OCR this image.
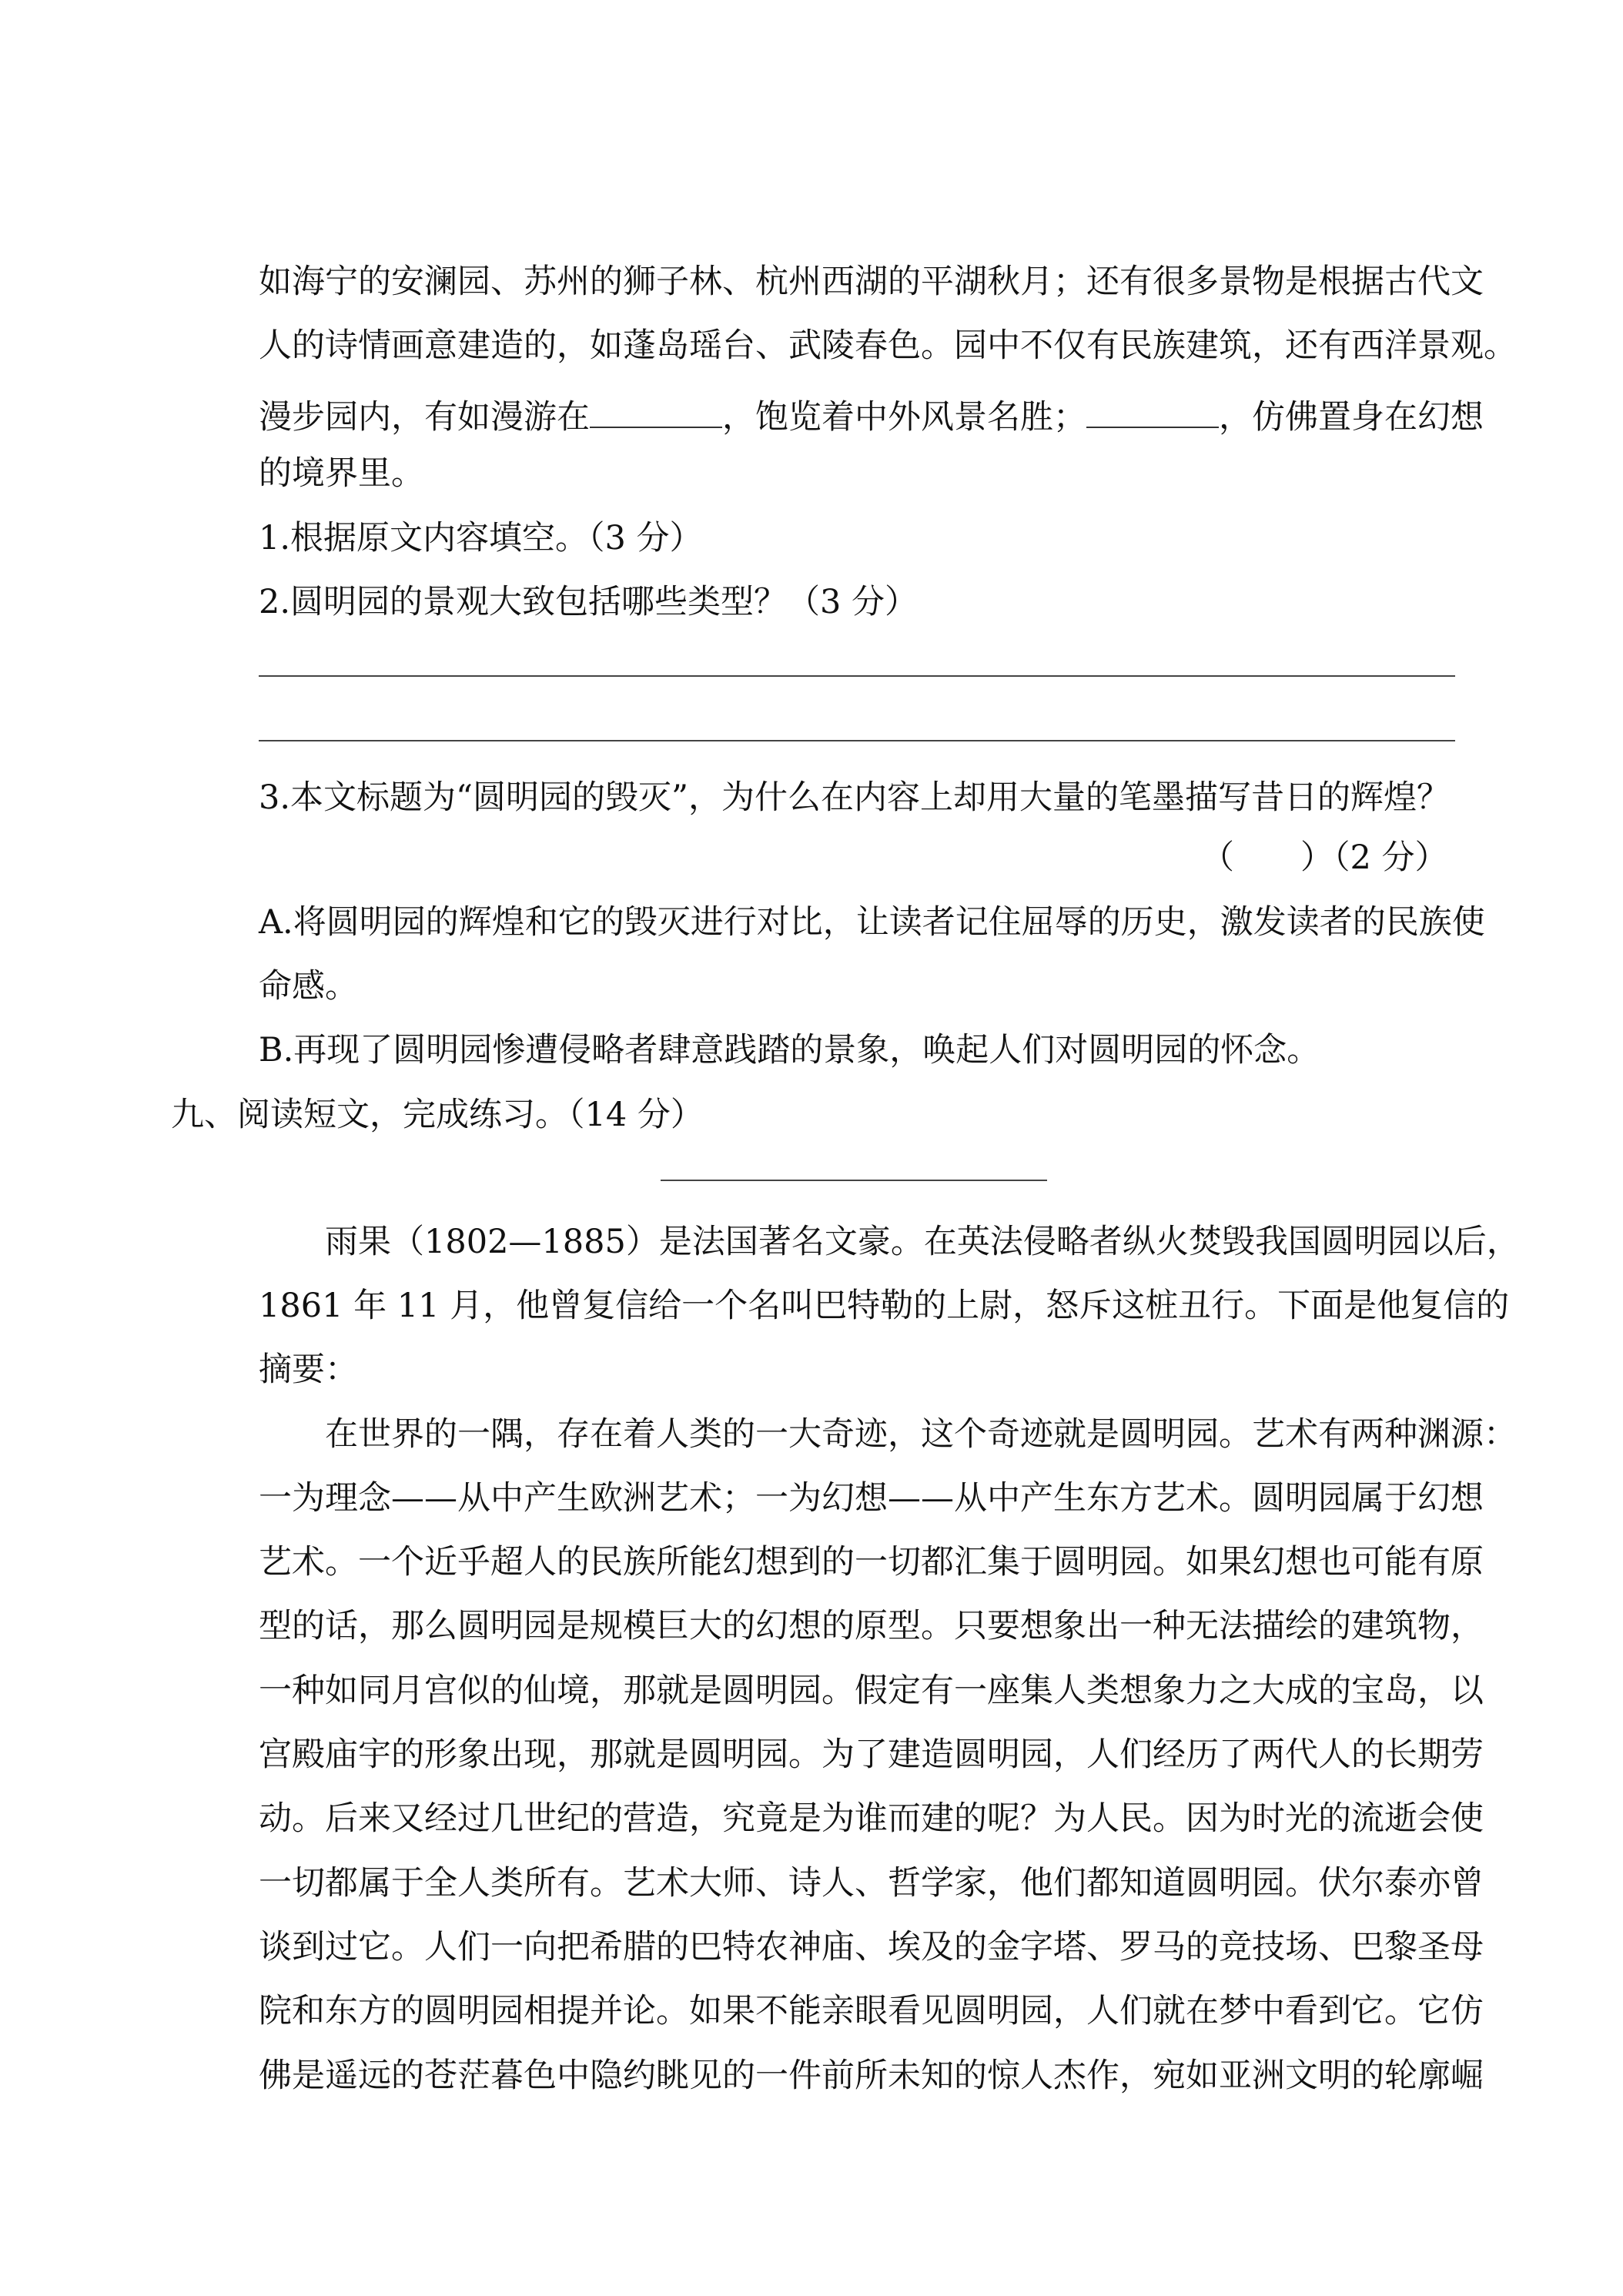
如海宁的安澜园、苏州的狮子林、杭州西湖的平湖秋月；还有很多景物是根据古代文
人的诗情画意建造的，如蓬岛瑶台、武陵春色。园中不仅有民族建筑，还有西洋景观。
漫步园内，有如漫游在	，饱览着中外风景名胜；	，仿佛置身在幻想
的境界里。
1.根据原文内容填空。（3 分）
2.圆明园的景观大致包括哪些类型？（3 分）
3.本文标题为“圆明园的毁灭”，为什么在内容上却用大量的笔墨描写昔日的辉煌？
（　　）（2 分）
A.将圆明园的辉煌和它的毁灭进行对比，让读者记住屈辱的历史，激发读者的民族使
命感。
B.再现了圆明园惨遭侵略者肆意践踏的景象，唤起人们对圆明园的怀念。
九、阅读短文，完成练习。（14 分）
雨果（1802—1885）是法国著名文豪。在英法侵略者纵火焚毁我国圆明园以后，
1861 年 11 月，他曾复信给一个名叫巴特勒的上尉，怒斥这桩丑行。下面是他复信的
摘要：
在世界的一隅，存在着人类的一大奇迹，这个奇迹就是圆明园。艺术有两种渊源：
一为理念——从中产生欧洲艺术；一为幻想——从中产生东方艺术。圆明园属于幻想
艺术。一个近乎超人的民族所能幻想到的一切都汇集于圆明园。如果幻想也可能有原
型的话，那么圆明园是规模巨大的幻想的原型。只要想象出一种无法描绘的建筑物，
一种如同月宫似的仙境，那就是圆明园。假定有一座集人类想象力之大成的宝岛，以
宫殿庙宇的形象出现，那就是圆明园。为了建造圆明园，人们经历了两代人的长期劳
动。后来又经过几世纪的营造，究竟是为谁而建的呢？为人民。因为时光的流逝会使
一切都属于全人类所有。艺术大师、诗人、哲学家，他们都知道圆明园。伏尔泰亦曾
谈到过它。人们一向把希腊的巴特农神庙、埃及的金字塔、罗马的竞技场、巴黎圣母
院和东方的圆明园相提并论。如果不能亲眼看见圆明园，人们就在梦中看到它。它仿
佛是遥远的苍茫暮色中隐约眺见的一件前所未知的惊人杰作，宛如亚洲文明的轮廓崛
